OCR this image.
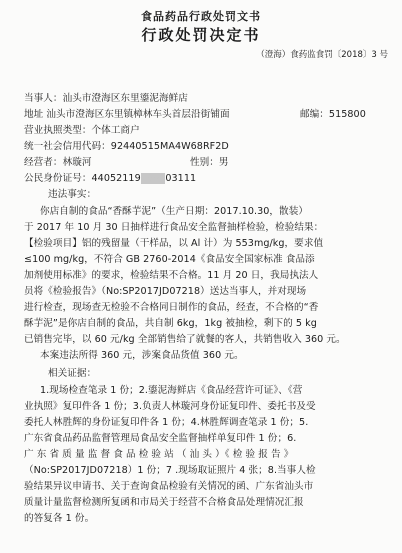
食品药品行政处罚文书
行政处罚决定书
（澄海）食药监食罚〔2018〕3 号
当事人：汕头市澄海区东里鎏泥海鲜店
地址 汕头市澄海区东里镇樟林车头首层沿街铺面	邮编：515800
营业执照类型：个体工商户
统一社会信用代码：92440515MA4W68RF2D
经营者：林璇河	性别：男
公民身份证号：44052119480503111
违法事实：
你店自制的食品“香酥芋泥”（生产日期：2017.10.30，散装）
于 2017 年 10 月 30 日抽样进行食品安全监督抽样检验，检验结果：
【检验项目】铝的残留量（干样品，以 Al 计）为 553mg/kg，要求值
≤100 mg/kg，不符合 GB 2760-2014《食品安全国家标准 食品添
加剂使用标准》的要求，检验结果不合格。11 月 20 日，我局执法人
员将《检验报告》（No:SP2017JD07218）送达当事人，并对现场
进行检查，现场查无检验不合格同日制作的食品，经查，不合格的“香
酥芋泥”是你店自制的食品，共自制 6kg，1kg 被抽检，剩下的 5 kg
已销售完毕，以 60 元/kg 全部销售给了就餐的客人，共销售收入 360 元。
本案违法所得 360 元，涉案食品货值 360 元。
相关证据：
1.现场检查笔录 1 份；2.鎏泥海鲜店《食品经营许可证》、《营
业执照》复印件各 1 份；3.负责人林璇河身份证复印件、委托书及受
委托人林胜辉的身份证复印件各 1 份；4.林胜辉调查笔录 1 份；5.
广东省食品药品监督管理局食品安全监督抽样单复印件 1 份；6.
广 东 省 质 量 监 督 食 品 检 验 站 （ 汕 头 ）《 检 验 报 告 》
（No:SP2017JD07218）1 份；7 .现场取证照片 4 张；8.当事人检
验结果异议申请书、关于查询食品检验有关情况的函、广东省汕头市
质量计量监督检测所复函和市局关于经营不合格食品处理情况汇报
的答复各 1 份。
